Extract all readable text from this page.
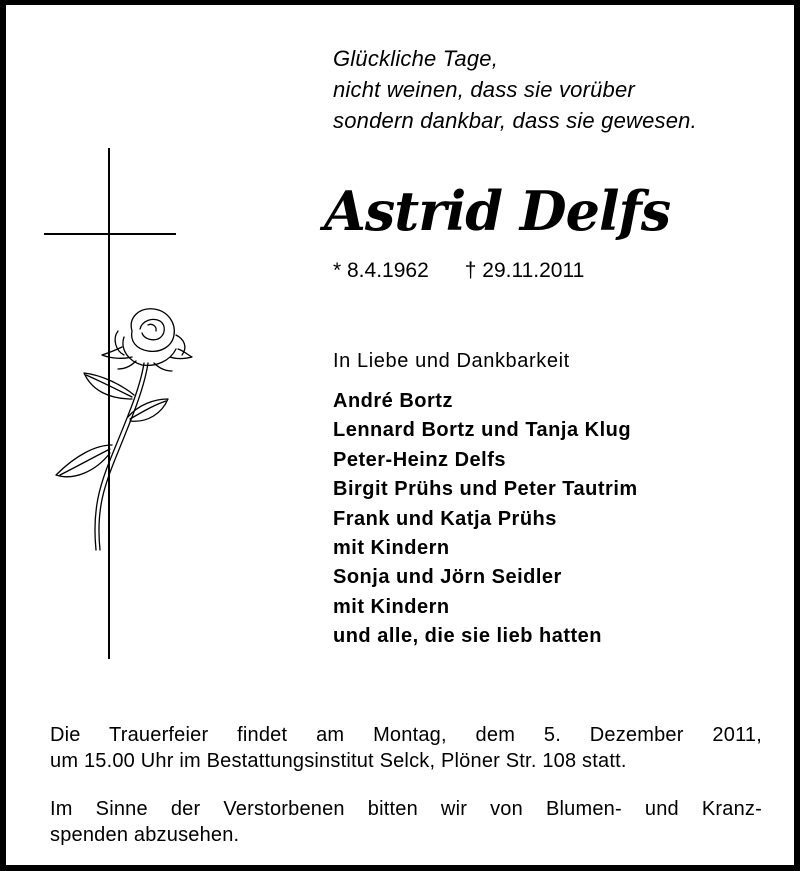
Glückliche Tage,
nicht weinen, dass sie vorüber
sondern dankbar, dass sie gewesen.
Astrid Delfs
* 8.4.1962 † 29.11.2011
In Liebe und Dankbarkeit
André Bortz
Lennard Bortz und Tanja Klug
Peter-Heinz Delfs
Birgit Prühs und Peter Tautrim
Frank und Katja Prühs
mit Kindern
Sonja und Jörn Seidler
mit Kindern
und alle, die sie lieb hatten
Die Trauerfeier findet am Montag, dem 5. Dezember 2011,
um 15.00 Uhr im Bestattungsinstitut Selck, Plöner Str. 108 statt.
Im Sinne der Verstorbenen bitten wir von Blumen- und Kranz-
spenden abzusehen.
